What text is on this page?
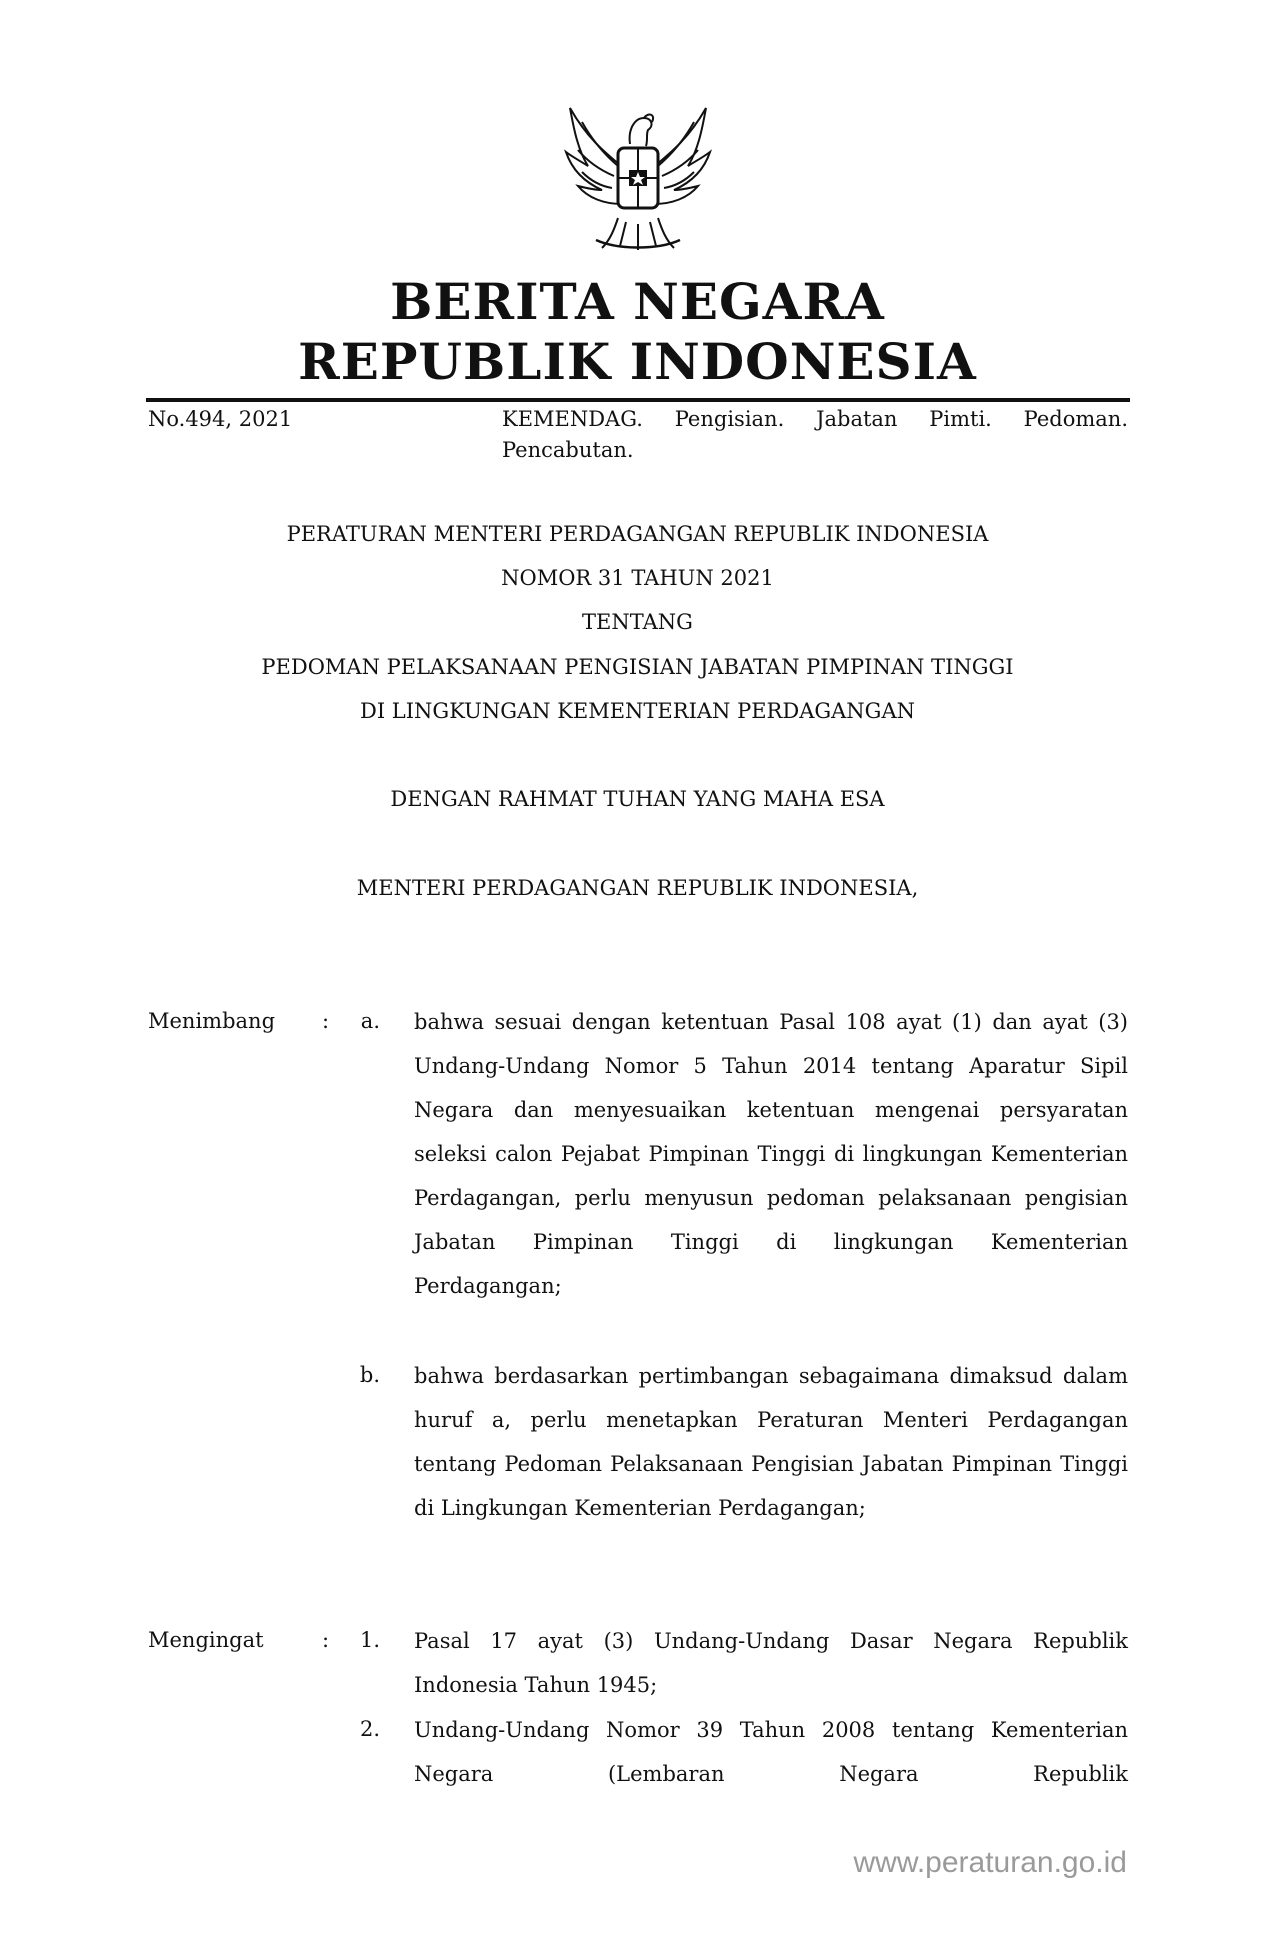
BERITA NEGARA
REPUBLIK INDONESIA
No.494, 2021	KEMENDAG. Pengisian. Jabatan Pimti. Pedoman. Pencabutan.
PERATURAN MENTERI PERDAGANGAN REPUBLIK INDONESIA
NOMOR 31 TAHUN 2021
TENTANG
PEDOMAN PELAKSANAAN PENGISIAN JABATAN PIMPINAN TINGGI
DI LINGKUNGAN KEMENTERIAN PERDAGANGAN
DENGAN RAHMAT TUHAN YANG MAHA ESA
MENTERI PERDAGANGAN REPUBLIK INDONESIA,
Menimbang :	a. bahwa sesuai dengan ketentuan Pasal 108 ayat (1) dan ayat (3) Undang-Undang Nomor 5 Tahun 2014 tentang Aparatur Sipil Negara dan menyesuaikan ketentuan mengenai persyaratan seleksi calon Pejabat Pimpinan Tinggi di lingkungan Kementerian Perdagangan, perlu menyusun pedoman pelaksanaan pengisian Jabatan Pimpinan Tinggi di lingkungan Kementerian Perdagangan;
b. bahwa berdasarkan pertimbangan sebagaimana dimaksud dalam huruf a, perlu menetapkan Peraturan Menteri Perdagangan tentang Pedoman Pelaksanaan Pengisian Jabatan Pimpinan Tinggi di Lingkungan Kementerian Perdagangan;
Mengingat	:	1. Pasal 17 ayat (3) Undang-Undang Dasar Negara Republik Indonesia Tahun 1945;
2. Undang-Undang Nomor 39 Tahun 2008 tentang Kementerian Negara (Lembaran Negara Republik
www.peraturan.go.id
